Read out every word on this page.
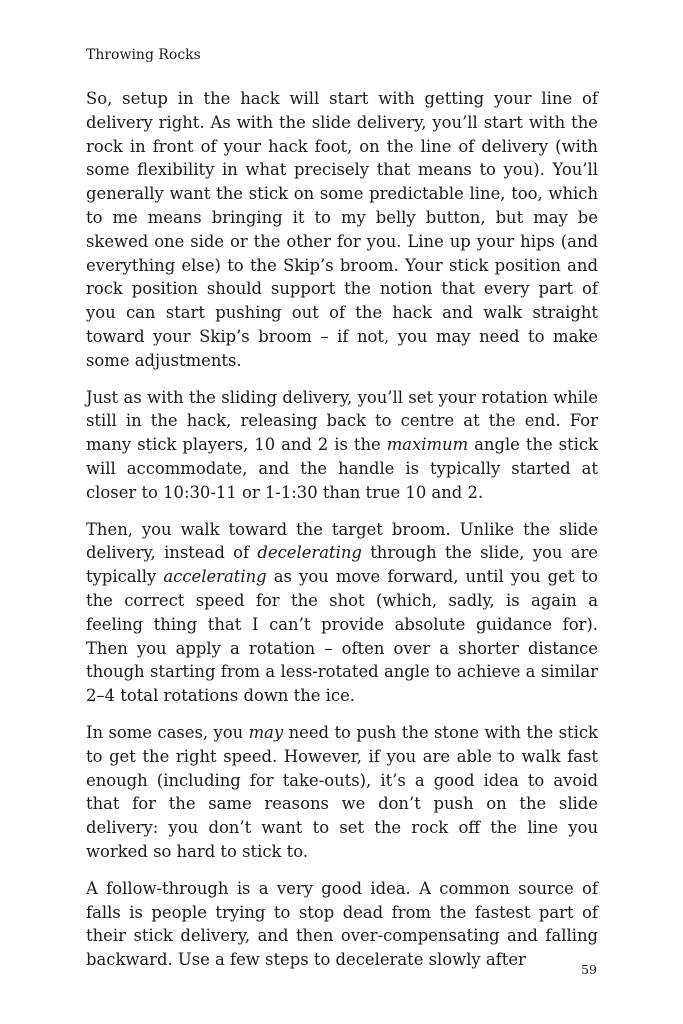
Throwing Rocks

So, setup in the hack will start with getting your line of delivery right. As with the slide delivery, you’ll start with the rock in front of your hack foot, on the line of delivery (with some flexibility in what precisely that means to you). You’ll generally want the stick on some predictable line, too, which to me means bringing it to my belly button, but may be skewed one side or the other for you. Line up your hips (and everything else) to the Skip’s broom. Your stick position and rock position should support the notion that every part of you can start pushing out of the hack and walk straight toward your Skip’s broom – if not, you may need to make some adjustments.

Just as with the sliding delivery, you’ll set your rotation while still in the hack, releasing back to centre at the end. For many stick players, 10 and 2 is the maximum angle the stick will accommodate, and the handle is typically started at closer to 10:30-11 or 1-1:30 than true 10 and 2.

Then, you walk toward the target broom. Unlike the slide delivery, instead of decelerating through the slide, you are typically accelerating as you move forward, until you get to the correct speed for the shot (which, sadly, is again a feeling thing that I can’t provide absolute guidance for). Then you apply a rotation – often over a shorter distance though starting from a less-rotated angle to achieve a similar 2–4 total rotations down the ice.

In some cases, you may need to push the stone with the stick to get the right speed. However, if you are able to walk fast enough (including for take-outs), it’s a good idea to avoid that for the same reasons we don’t push on the slide delivery: you don’t want to set the rock off the line you worked so hard to stick to.

A follow-through is a very good idea. A common source of falls is people trying to stop dead from the fastest part of their stick delivery, and then over-compensating and falling backward. Use a few steps to decelerate slowly after

59
